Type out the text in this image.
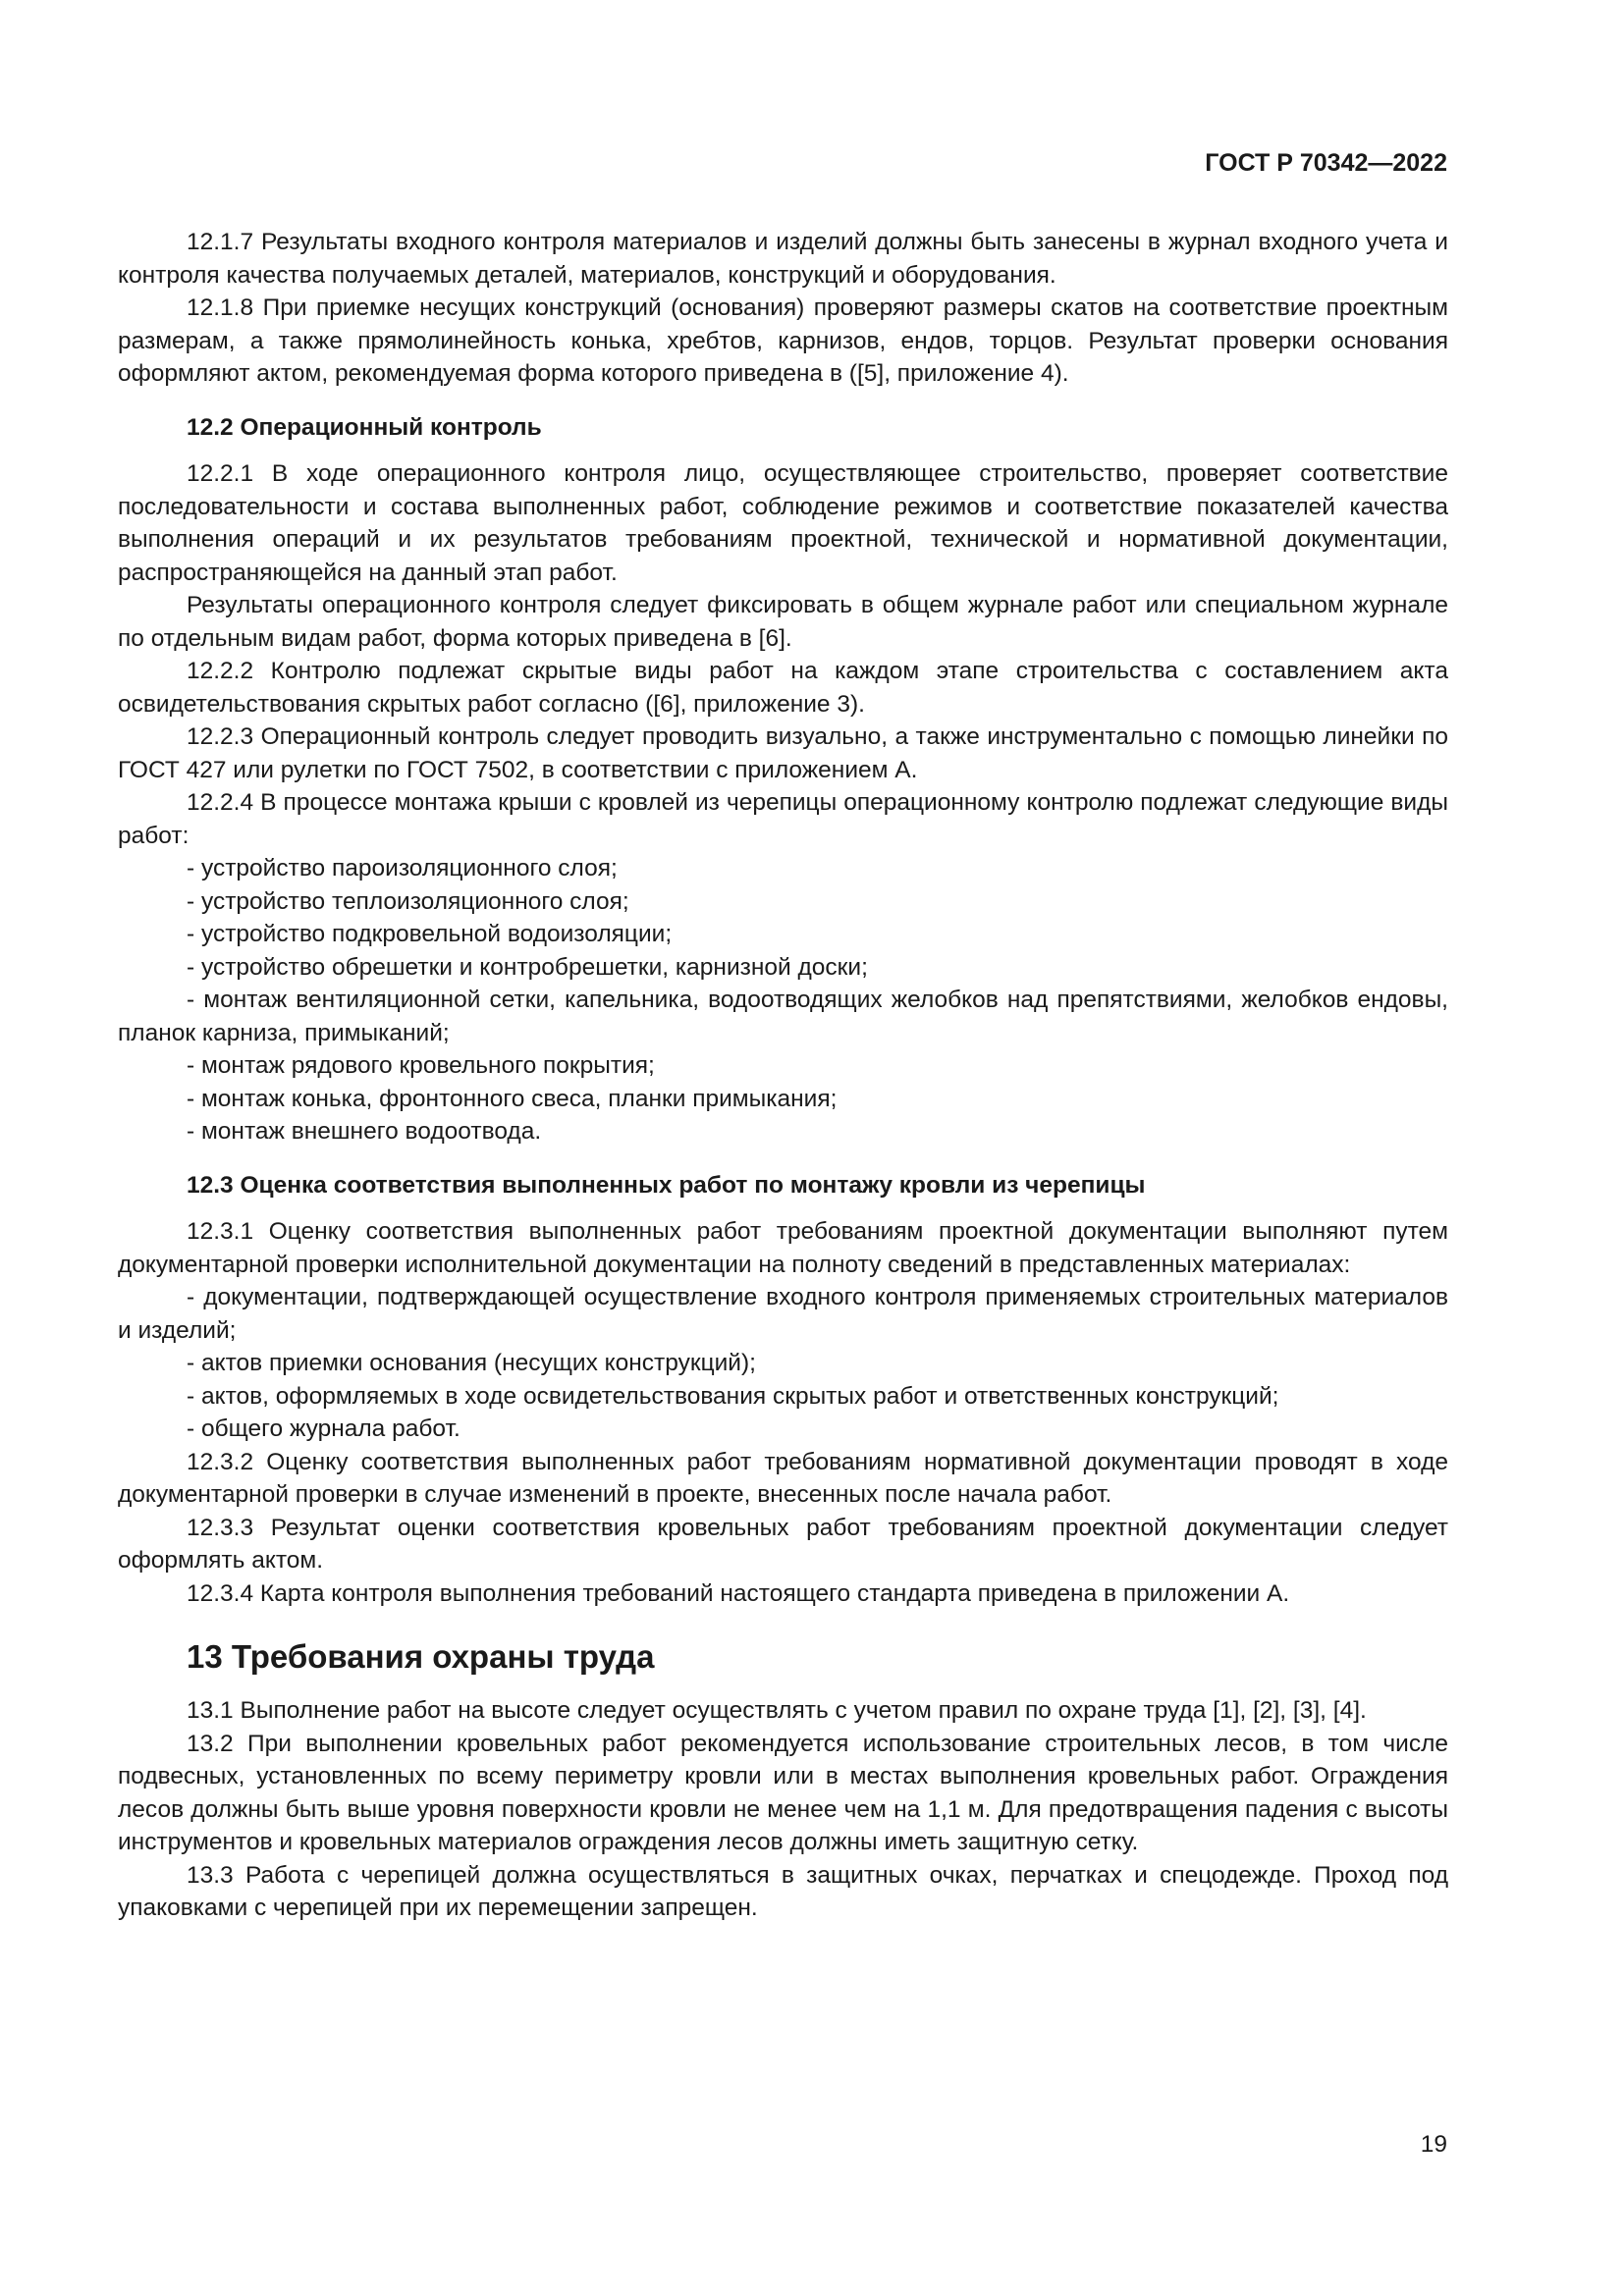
ГОСТ Р 70342—2022

12.1.7 Результаты входного контроля материалов и изделий должны быть занесены в журнал входного учета и контроля качества получаемых деталей, материалов, конструкций и оборудования.

12.1.8 При приемке несущих конструкций (основания) проверяют размеры скатов на соответствие проектным размерам, а также прямолинейность конька, хребтов, карнизов, ендов, торцов. Результат проверки основания оформляют актом, рекомендуемая форма которого приведена в ([5], приложение 4).

12.2 Операционный контроль

12.2.1 В ходе операционного контроля лицо, осуществляющее строительство, проверяет соответствие последовательности и состава выполненных работ, соблюдение режимов и соответствие показателей качества выполнения операций и их результатов требованиям проектной, технической и нормативной документации, распространяющейся на данный этап работ.

Результаты операционного контроля следует фиксировать в общем журнале работ или специальном журнале по отдельным видам работ, форма которых приведена в [6].

12.2.2 Контролю подлежат скрытые виды работ на каждом этапе строительства с составлением акта освидетельствования скрытых работ согласно ([6], приложение 3).

12.2.3 Операционный контроль следует проводить визуально, а также инструментально с помощью линейки по ГОСТ 427 или рулетки по ГОСТ 7502, в соответствии с приложением А.

12.2.4 В процессе монтажа крыши с кровлей из черепицы операционному контролю подлежат следующие виды работ:

- устройство пароизоляционного слоя;

- устройство теплоизоляционного слоя;

- устройство подкровельной водоизоляции;

- устройство обрешетки и контробрешетки, карнизной доски;

- монтаж вентиляционной сетки, капельника, водоотводящих желобков над препятствиями, желобков ендовы, планок карниза, примыканий;

- монтаж рядового кровельного покрытия;

- монтаж конька, фронтонного свеса, планки примыкания;

- монтаж внешнего водоотвода.

12.3 Оценка соответствия выполненных работ по монтажу кровли из черепицы

12.3.1 Оценку соответствия выполненных работ требованиям проектной документации выполняют путем документарной проверки исполнительной документации на полноту сведений в представленных материалах:

- документации, подтверждающей осуществление входного контроля применяемых строительных материалов и изделий;

- актов приемки основания (несущих конструкций);

- актов, оформляемых в ходе освидетельствования скрытых работ и ответственных конструкций;

- общего журнала работ.

12.3.2 Оценку соответствия выполненных работ требованиям нормативной документации проводят в ходе документарной проверки в случае изменений в проекте, внесенных после начала работ.

12.3.3 Результат оценки соответствия кровельных работ требованиям проектной документации следует оформлять актом.

12.3.4 Карта контроля выполнения требований настоящего стандарта приведена в приложении А.

13 Требования охраны труда

13.1 Выполнение работ на высоте следует осуществлять с учетом правил по охране труда [1], [2], [3], [4].

13.2 При выполнении кровельных работ рекомендуется использование строительных лесов, в том числе подвесных, установленных по всему периметру кровли или в местах выполнения кровельных работ. Ограждения лесов должны быть выше уровня поверхности кровли не менее чем на 1,1 м. Для предотвращения падения с высоты инструментов и кровельных материалов ограждения лесов должны иметь защитную сетку.

13.3 Работа с черепицей должна осуществляться в защитных очках, перчатках и спецодежде. Проход под упаковками с черепицей при их перемещении запрещен.

19
